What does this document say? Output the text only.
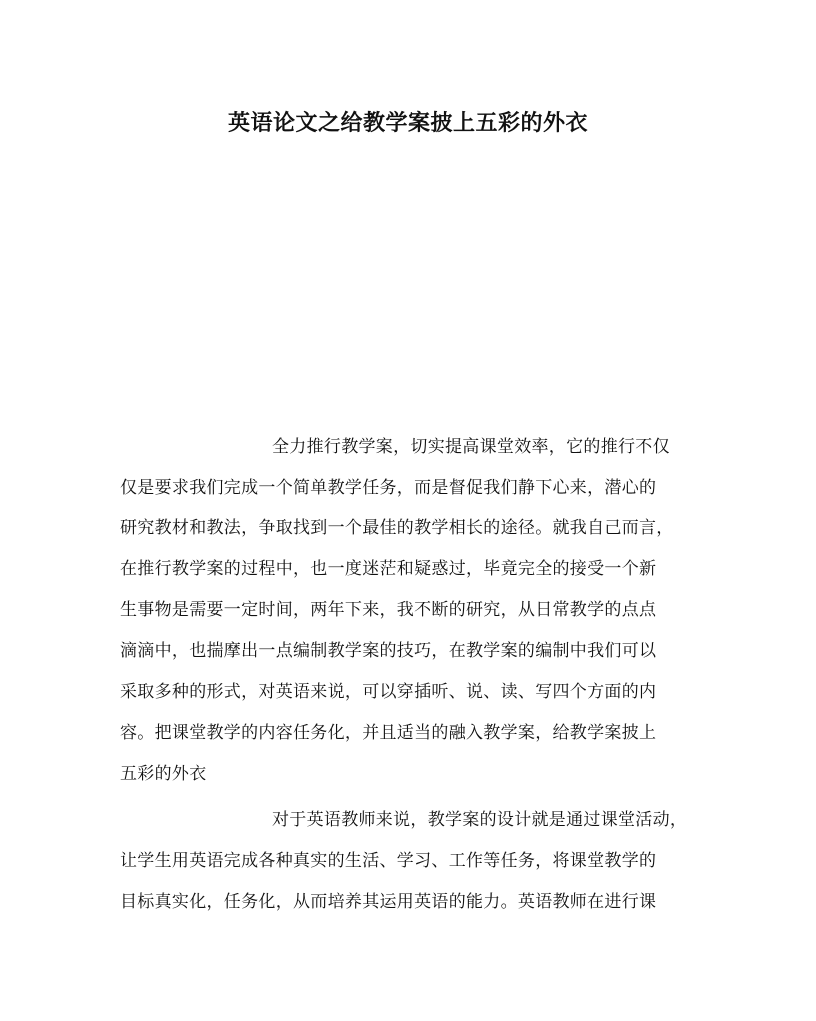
英语论文之给教学案披上五彩的外衣
全力推行教学案，切实提高课堂效率，它的推行不仅
仅是要求我们完成一个简单教学任务，而是督促我们静下心来，潜心的
研究教材和教法，争取找到一个最佳的教学相长的途径。就我自己而言，
在推行教学案的过程中，也一度迷茫和疑惑过，毕竟完全的接受一个新
生事物是需要一定时间，两年下来，我不断的研究，从日常教学的点点
滴滴中，也揣摩出一点编制教学案的技巧，在教学案的编制中我们可以
采取多种的形式，对英语来说，可以穿插听、说、读、写四个方面的内
容。把课堂教学的内容任务化，并且适当的融入教学案，给教学案披上
五彩的外衣
对于英语教师来说，教学案的设计就是通过课堂活动，
让学生用英语完成各种真实的生活、学习、工作等任务，将课堂教学的
目标真实化，任务化，从而培养其运用英语的能力。英语教师在进行课
